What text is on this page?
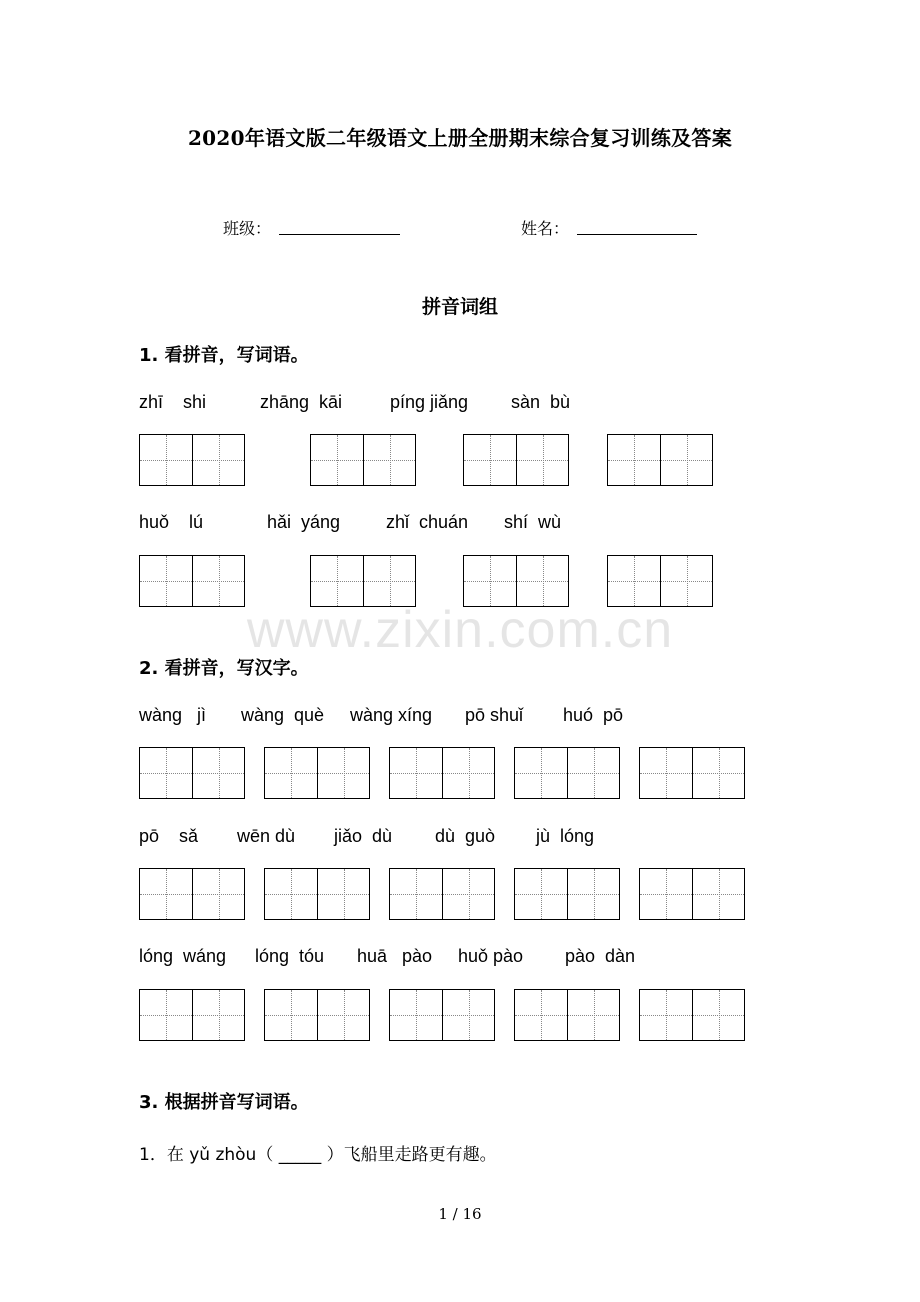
2020年语文版二年级语文上册全册期末综合复习训练及答案
班级：	姓名：
拼音词组
1. 看拼音，写词语。
zhī    shi	zhāng  kāi	píng jiǎng sàn  bù
huǒ    lú	hǎi  yáng	zhǐ  chuán shí  wù
www.zixin.com.cn
2. 看拼音，写汉字。
wàng   jì wàng  què wàng xíng pō shuǐ huó  pō
pō    sǎ wēn dù jiǎo  dù dù  guò jù  lóng
lóng  wáng lóng  tóu huā   pào huǒ pào pào  dàn
3. 根据拼音写词语。
1．在 yǔ zhòu（ _____ ）飞船里走路更有趣。
1 / 16
